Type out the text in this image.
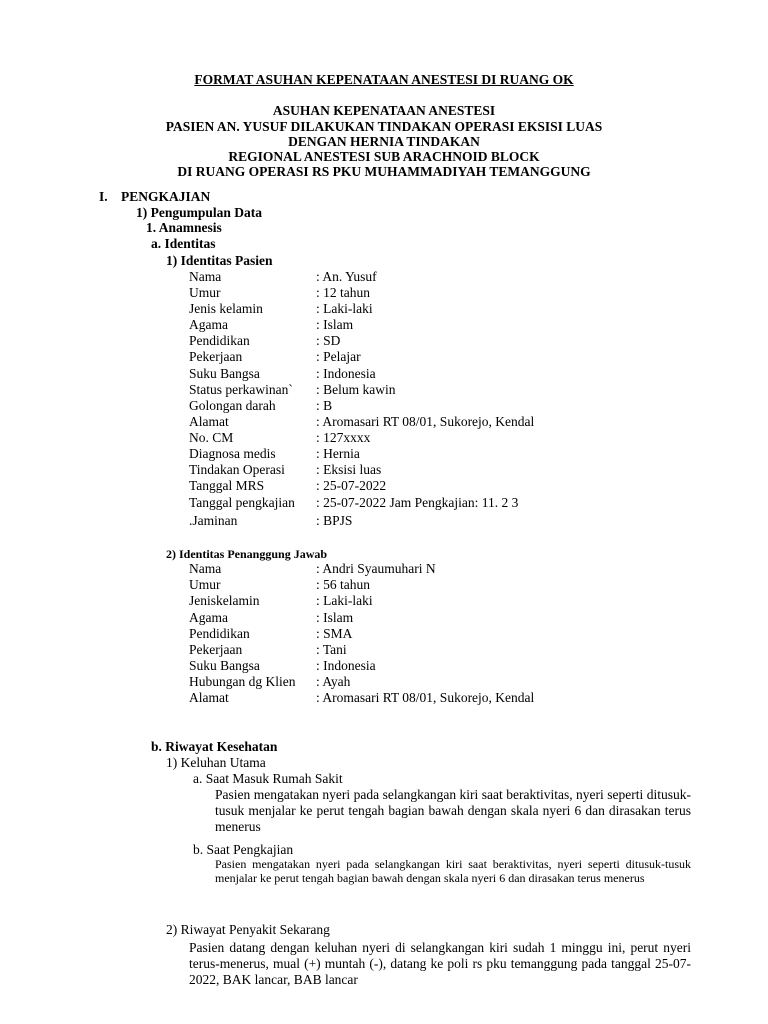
FORMAT ASUHAN KEPENATAAN ANESTESI DI RUANG OK
ASUHAN KEPENATAAN ANESTESI
PASIEN AN. YUSUF DILAKUKAN TINDAKAN OPERASI EKSISI LUAS
DENGAN HERNIA TINDAKAN
REGIONAL ANESTESI SUB ARACHNOID BLOCK
DI RUANG OPERASI RS PKU MUHAMMADIYAH TEMANGGUNG
I. PENGKAJIAN
1) Pengumpulan Data
1. Anamnesis
a. Identitas
1) Identitas Pasien
Nama	: An. Yusuf
Umur	: 12 tahun
Jenis kelamin	: Laki-laki
Agama	: Islam
Pendidikan	: SD
Pekerjaan	: Pelajar
Suku Bangsa	: Indonesia
Status perkawinan` : Belum kawin
Golongan darah	: B
Alamat	: Aromasari RT 08/01, Sukorejo, Kendal
No. CM	: 127xxxx
Diagnosa medis	: Hernia
Tindakan Operasi : Eksisi luas
Tanggal MRS	: 25-07-2022
Tanggal pengkajian : 25-07-2022 Jam Pengkajian: 11. 2 3
.Jaminan	: BPJS
2) Identitas Penanggung Jawab
Nama	: Andri Syaumuhari N
Umur	: 56 tahun
Jeniskelamin	: Laki-laki
Agama	: Islam
Pendidikan	: SMA
Pekerjaan	: Tani
Suku Bangsa	: Indonesia
Hubungan dg Klien : Ayah
Alamat	: Aromasari RT 08/01, Sukorejo, Kendal
b. Riwayat Kesehatan
1) Keluhan Utama
a. Saat Masuk Rumah Sakit
Pasien mengatakan nyeri pada selangkangan kiri saat beraktivitas, nyeri seperti ditusuk-tusuk menjalar ke perut tengah bagian bawah dengan skala nyeri 6 dan dirasakan terus menerus
b. Saat Pengkajian
Pasien mengatakan nyeri pada selangkangan kiri saat beraktivitas, nyeri seperti ditusuk-tusuk menjalar ke perut tengah bagian bawah dengan skala nyeri 6 dan dirasakan terus menerus
2) Riwayat Penyakit Sekarang
Pasien datang dengan keluhan nyeri di selangkangan kiri sudah 1 minggu ini, perut nyeri terus-menerus, mual (+) muntah (-), datang ke poli rs pku temanggung pada tanggal 25-07-2022, BAK lancar, BAB lancar
